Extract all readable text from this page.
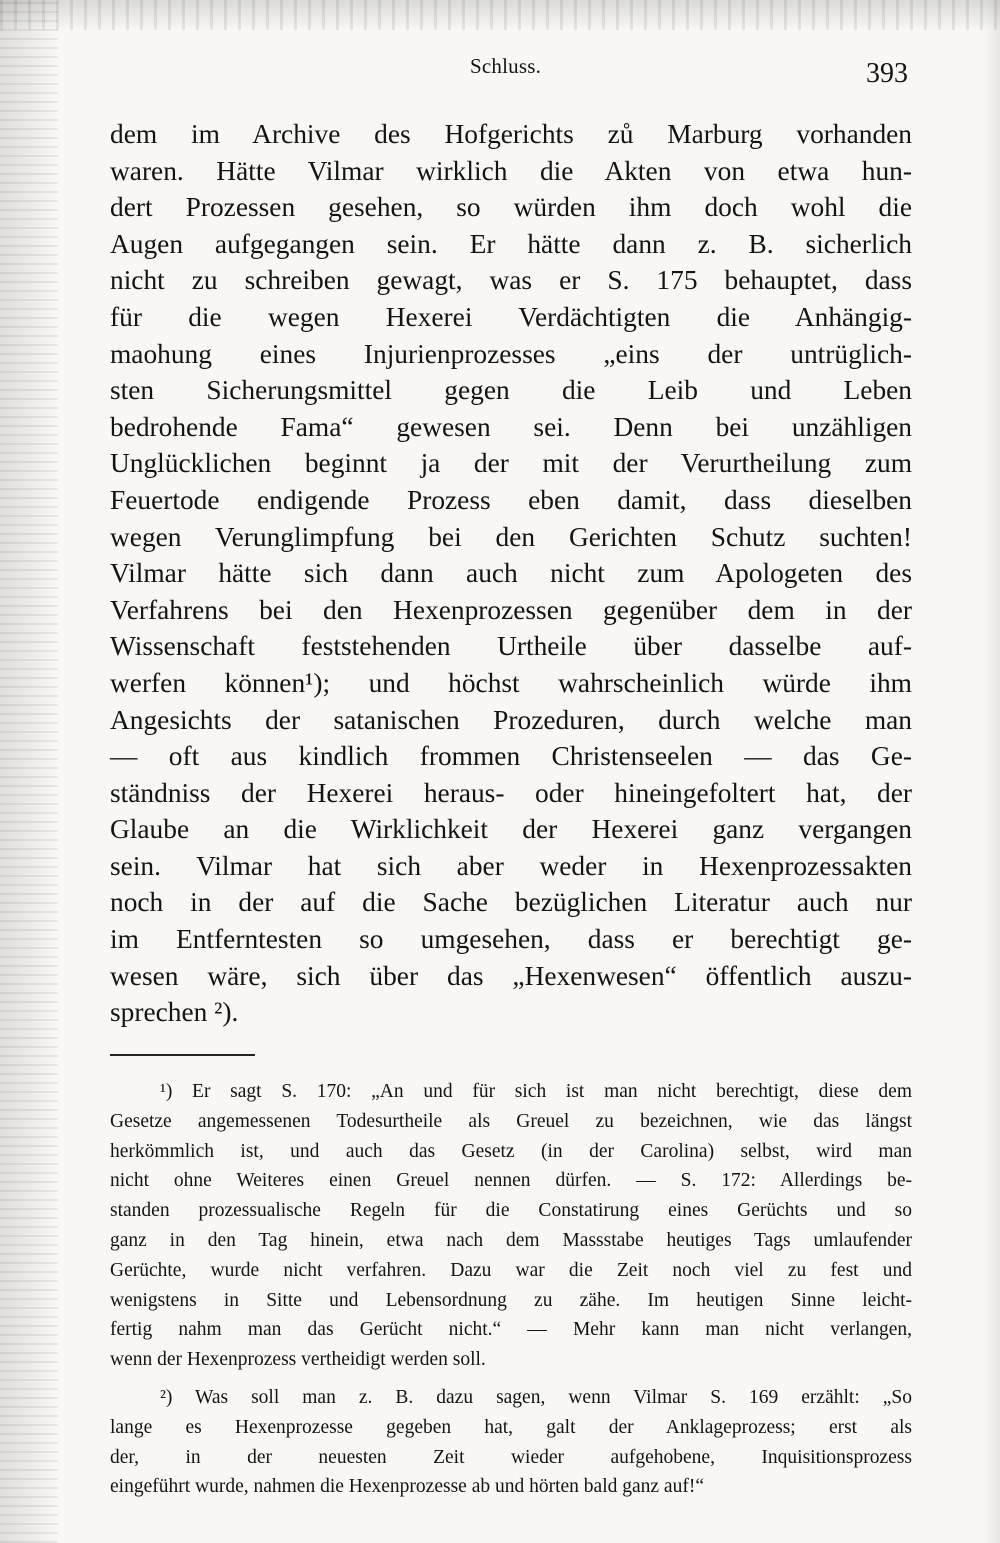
Schluss.	393
dem im Archive des Hofgerichts zů Marburg vorhanden
waren. Hätte Vilmar wirklich die Akten von etwa hun-
dert Prozessen gesehen, so würden ihm doch wohl die
Augen aufgegangen sein. Er hätte dann z. B. sicherlich
nicht zu schreiben gewagt, was er S. 175 behauptet, dass
für die wegen Hexerei Verdächtigten die Anhängig-
maohung eines Injurienprozesses „eins der untrüglich-
sten Sicherungsmittel gegen die Leib und Leben
bedrohende Fama“ gewesen sei. Denn bei unzähligen
Unglücklichen beginnt ja der mit der Verurtheilung zum
Feuertode endigende Prozess eben damit, dass dieselben
wegen Verunglimpfung bei den Gerichten Schutz suchten!
Vilmar hätte sich dann auch nicht zum Apologeten des
Verfahrens bei den Hexenprozessen gegenüber dem in der
Wissenschaft feststehenden Urtheile über dasselbe auf-
werfen können¹); und höchst wahrscheinlich würde ihm
Angesichts der satanischen Prozeduren, durch welche man
— oft aus kindlich frommen Christenseelen — das Ge-
ständniss der Hexerei heraus- oder hineingefoltert hat, der
Glaube an die Wirklichkeit der Hexerei ganz vergangen
sein. Vilmar hat sich aber weder in Hexenprozessakten
noch in der auf die Sache bezüglichen Literatur auch nur
im Entferntesten so umgesehen, dass er berechtigt ge-
wesen wäre, sich über das „Hexenwesen“ öffentlich auszu-
sprechen ²).
¹) Er sagt S. 170: „An und für sich ist man nicht berechtigt, diese dem
Gesetze angemessenen Todesurtheile als Greuel zu bezeichnen, wie das längst
herkömmlich ist, und auch das Gesetz (in der Carolina) selbst, wird man
nicht ohne Weiteres einen Greuel nennen dürfen. — S. 172: Allerdings be-
standen prozessualische Regeln für die Constatirung eines Gerüchts und so
ganz in den Tag hinein, etwa nach dem Massstabe heutiges Tags umlaufender
Gerüchte, wurde nicht verfahren. Dazu war die Zeit noch viel zu fest und
wenigstens in Sitte und Lebensordnung zu zähe. Im heutigen Sinne leicht-
fertig nahm man das Gerücht nicht.“ — Mehr kann man nicht verlangen,
wenn der Hexenprozess vertheidigt werden soll.
²) Was soll man z. B. dazu sagen, wenn Vilmar S. 169 erzählt: „So
lange es Hexenprozesse gegeben hat, galt der Anklageprozess; erst als
der, in der neuesten Zeit wieder aufgehobene, Inquisitionsprozess
eingeführt wurde, nahmen die Hexenprozesse ab und hörten bald ganz auf!“
